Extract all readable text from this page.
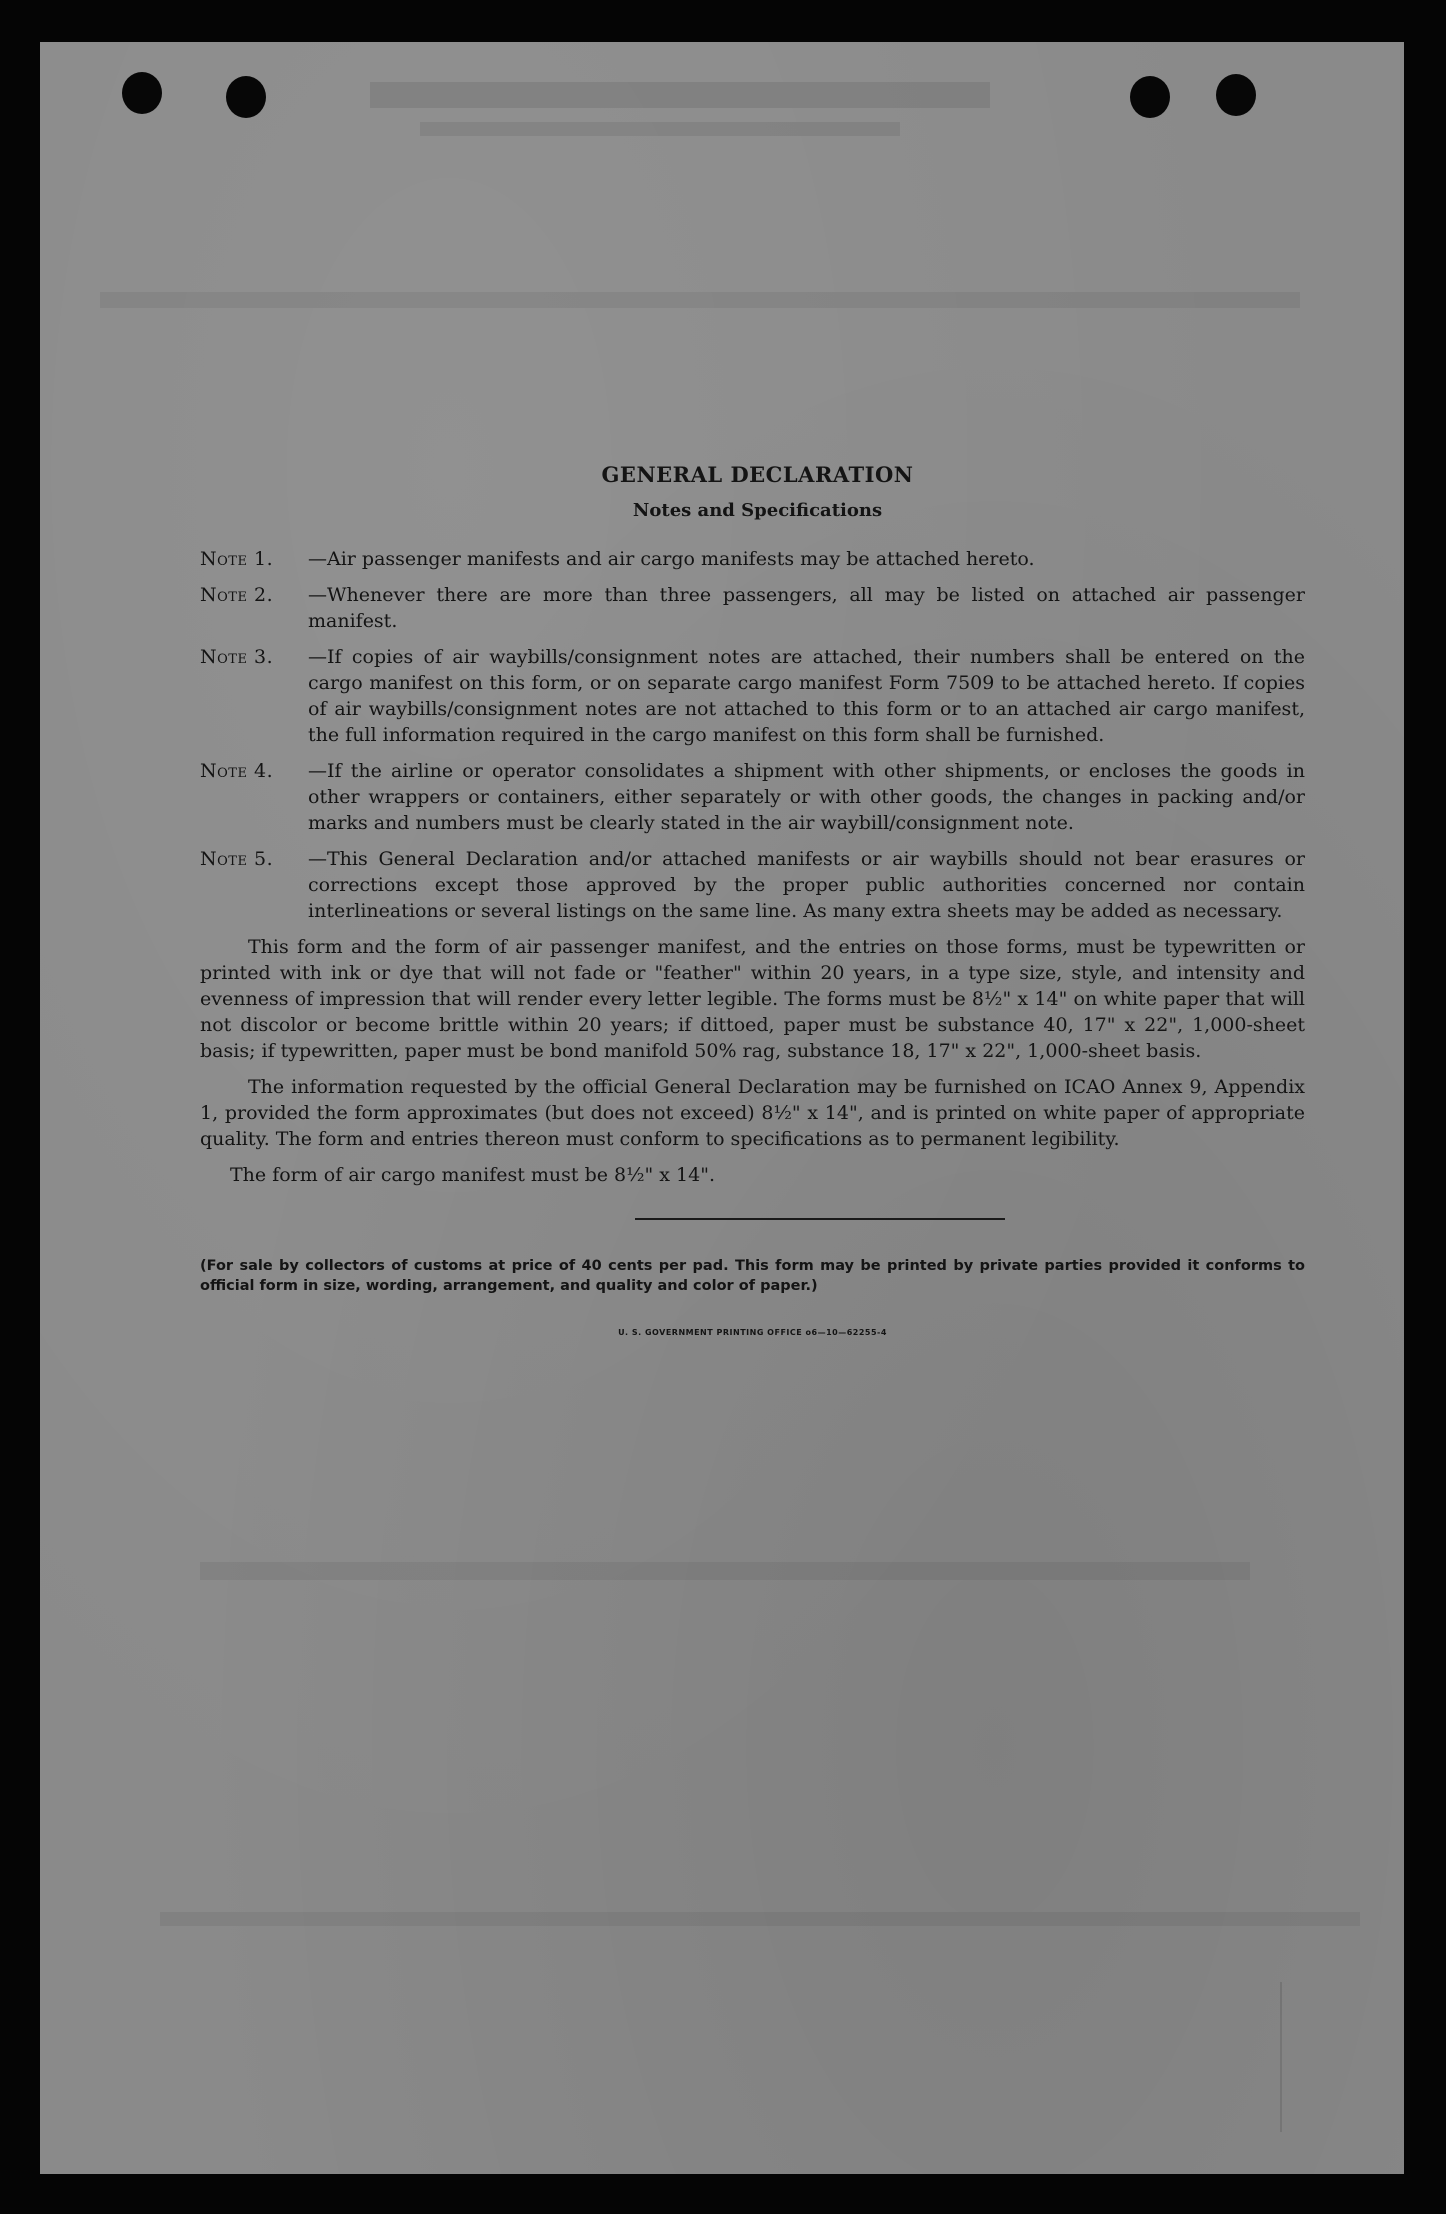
GENERAL DECLARATION
Notes and Specifications
Note 1.	—Air passenger manifests and air cargo manifests may be attached hereto.
Note 2.	—Whenever there are more than three passengers, all may be listed on attached air passenger manifest.
Note 3.	—If copies of air waybills/consignment notes are attached, their numbers shall be entered on the cargo manifest on this form, or on separate cargo manifest Form 7509 to be attached hereto. If copies of air waybills/consignment notes are not attached to this form or to an attached air cargo manifest, the full information required in the cargo manifest on this form shall be furnished.
Note 4.	—If the airline or operator consolidates a shipment with other shipments, or encloses the goods in other wrappers or containers, either separately or with other goods, the changes in packing and/or marks and numbers must be clearly stated in the air waybill/consignment note.
Note 5.	—This General Declaration and/or attached manifests or air waybills should not bear erasures or corrections except those approved by the proper public authorities concerned nor contain interlineations or several listings on the same line. As many extra sheets may be added as necessary.
This form and the form of air passenger manifest, and the entries on those forms, must be typewritten or printed with ink or dye that will not fade or "feather" within 20 years, in a type size, style, and intensity and evenness of impression that will render every letter legible. The forms must be 8½" x 14" on white paper that will not discolor or become brittle within 20 years; if dittoed, paper must be substance 40, 17" x 22", 1,000-sheet basis; if typewritten, paper must be bond manifold 50% rag, substance 18, 17" x 22", 1,000-sheet basis.
The information requested by the official General Declaration may be furnished on ICAO Annex 9, Appendix 1, provided the form approximates (but does not exceed) 8½" x 14", and is printed on white paper of appropriate quality. The form and entries thereon must conform to specifications as to permanent legibility.
The form of air cargo manifest must be 8½" x 14".
(For sale by collectors of customs at price of 40 cents per pad. This form may be printed by private parties provided it conforms to official form in size, wording, arrangement, and quality and color of paper.)
U. S. GOVERNMENT PRINTING OFFICE o6—10—62255-4
